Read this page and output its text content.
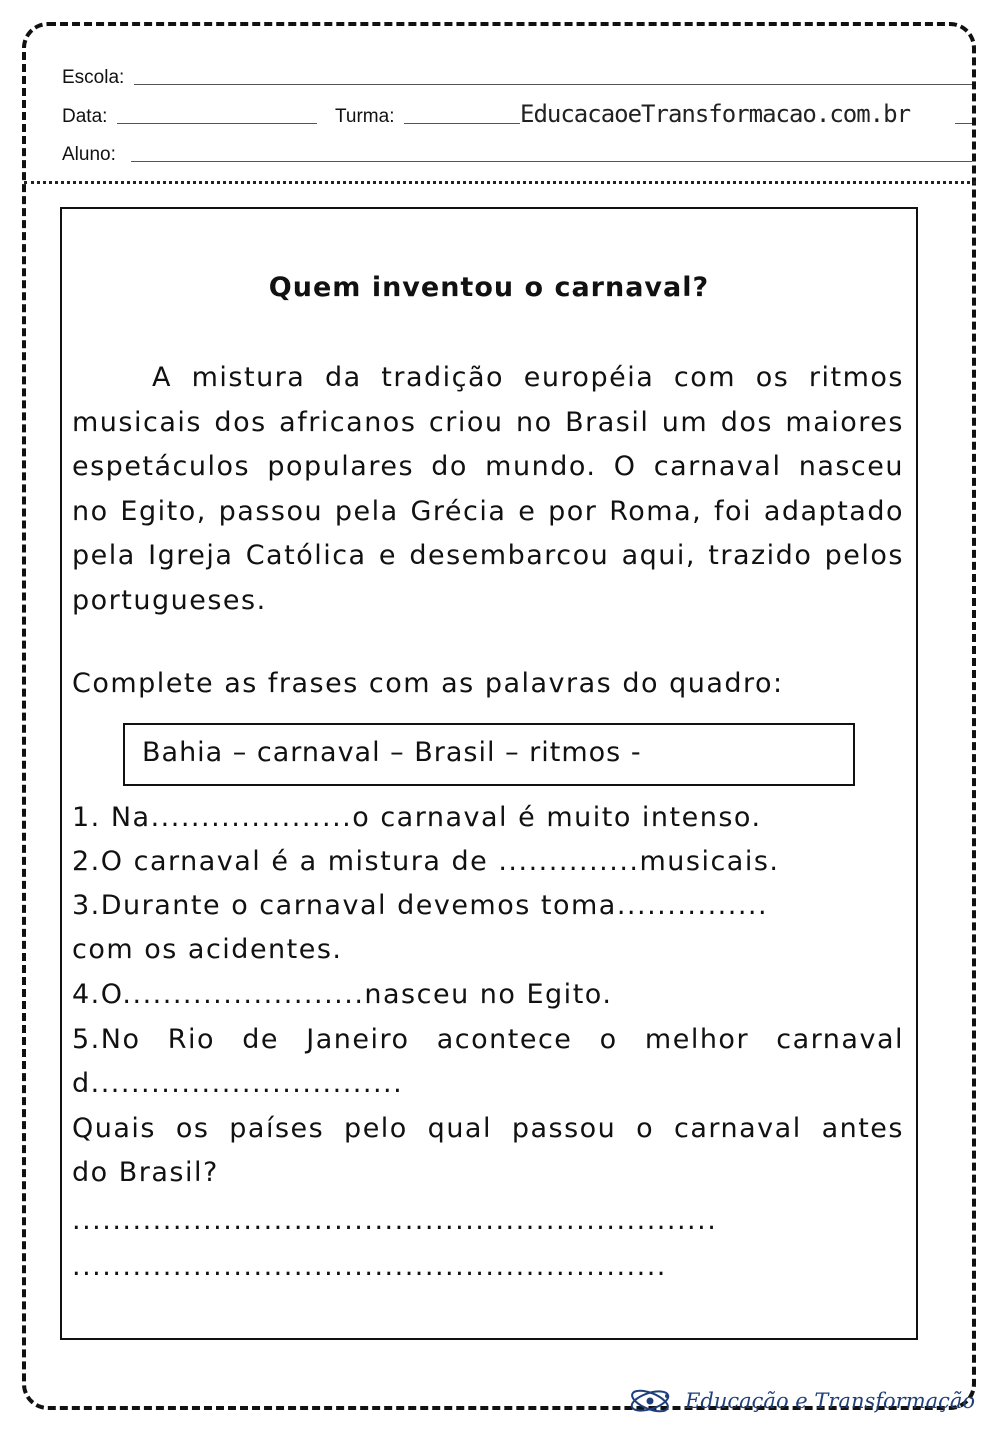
Escola:
Data:	Turma:	EducacaoeTransformacao.com.br
Aluno:
Quem inventou o carnaval?

A mistura da tradição européia com os ritmos musicais dos africanos criou no Brasil um dos maiores espetáculos populares do mundo. O carnaval nasceu no Egito, passou pela Grécia e por Roma, foi adaptado pela Igreja Católica e desembarcou aqui, trazido pelos portugueses.

Complete as frases com as palavras do quadro:
Bahia – carnaval – Brasil – ritmos -
1. Na....................o carnaval é muito intenso.
2.O carnaval é a mistura de ..............musicais.
3.Durante o carnaval devemos toma...............
com os acidentes.
4.O........................nasceu no Egito.
5.No Rio de Janeiro acontece o melhor carnaval
d...............................
Quais os países pelo qual passou o carnaval antes
do Brasil?
................................................................
...........................................................
Educação e Transformação
